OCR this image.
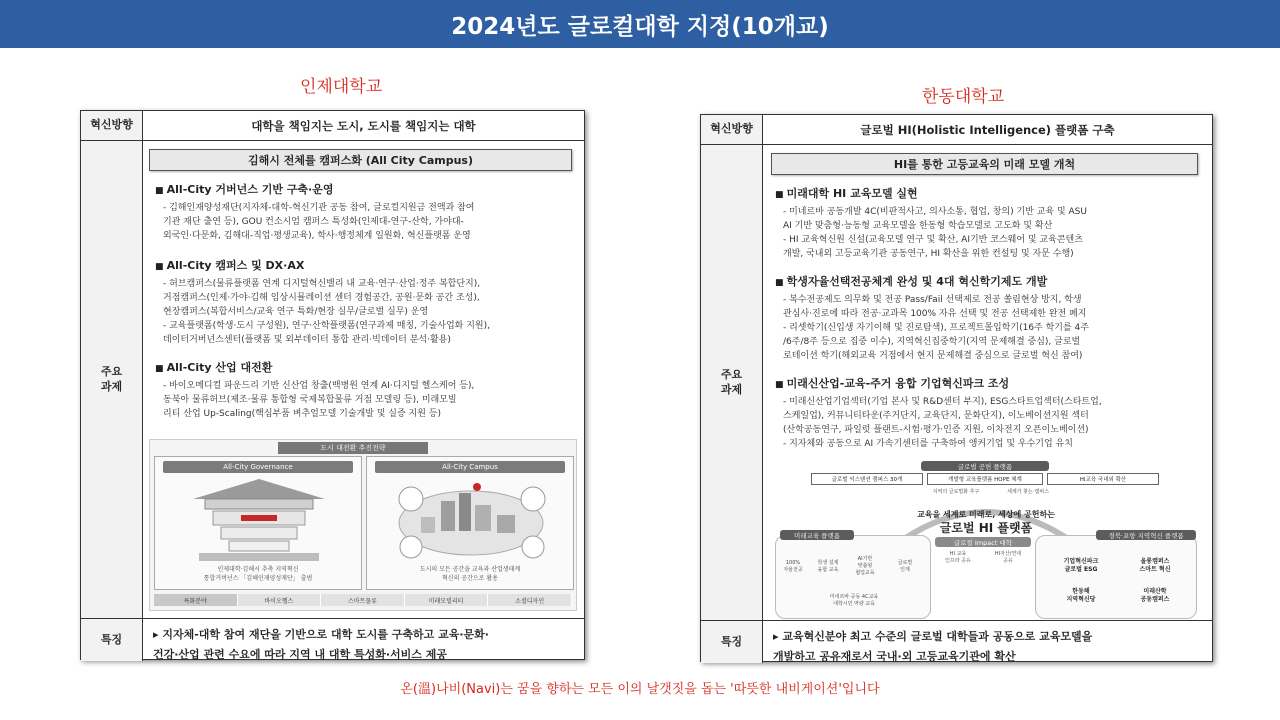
2024년도 글로컬대학 지정(10개교)
인제대학교	한동대학교
혁신방향	대학을 책임지는 도시, 도시를 책임지는 대학
주요
과제
김해시 전체를 캠퍼스화 (All City Campus)
■ All-City 거버넌스 기반 구축·운영
- 김해인재양성재단(지자체-대학-혁신기관 공동 참여, 글로컬지원금 전액과 참여
기관 재단 출연 등), GOU 컨소시엄 캠퍼스 특성화(인제대-연구-산학, 가야대-
외국인·다문화, 김해대-직업·평생교육), 학사·행정체계 일원화, 혁신플랫폼 운영
■ All-City 캠퍼스 및 DX·AX
- 허브캠퍼스(물류플랫폼 연계 디지털혁신밸리 내 교육·연구·산업·정주 복합단지),
거점캠퍼스(인제·가야·김해 임상시뮬레이션 센터 경험공간, 공원·문화 공간 조성),
현장캠퍼스(복합서비스/교육 연구 특화/현장 실무/글로벌 실무) 운영
- 교육플랫폼(학생·도시 구성원), 연구·산학플랫폼(연구과제 매칭, 기술사업화 지원),
데이터거버넌스센터(플랫폼 및 외부데이터 통합 관리·빅데이터 분석·활용)
■ All-City 산업 대전환
- 바이오메디컬 파운드리 기반 신산업 창출(백병원 연계 AI·디지털 헬스케어 등),
동북아 물류허브(제조·물류 통합형 국제복합물류 거점 모델링 등), 미래모빌
리티 산업 Up-Scaling(핵심부품 벼추얼모델 기술개발 및 실증 지원 등)
도시 대전환 추진전략
All-City Governance
인제대학·김해시 추축 지역혁신
통합거버넌스 「김해인재양성재단」 출범
All-City Campus
도시의 모든 공간을 교육과 산업생태계
혁신의 공간으로 활용
특화분야	바이오헬스	스마트물류	미래모빌리티	소셜디자인
특징	▸ 지자체-대학 참여 재단을 기반으로 대학 도시를 구축하고 교육·문화·
건강·산업 관련 수요에 따라 지역 내 대학 특성화·서비스 제공
혁신방향	글로벌 HI(Holistic Intelligence) 플랫폼 구축
주요
과제
HI를 통한 고등교육의 미래 모델 개척
■ 미래대학 HI 교육모델 실현
- 미네르바 공동개발 4C(비판적사고, 의사소통, 협업, 창의) 기반 교육 및 ASU
AI 기반 맞춤형·능동형 교육모델을 한동형 학습모델로 고도화 및 확산
- HI 교육혁신원 신설(교육모델 연구 및 확산, AI기반 코스웨어 및 교육콘텐츠
개발, 국내외 고등교육기관 공동연구, HI 확산을 위한 컨설팅 및 자문 수행)
■ 학생자율선택전공체계 완성 및 4대 혁신학기제도 개발
- 복수전공제도 의무화 및 전공 Pass/Fail 선택제로 전공 쏠림현상 방지, 학생
관심사·진로에 따라 전공·교과목 100% 자유 선택 및 전공 선택제한 완전 폐지
- 리셋학기(신입생 자기이해 및 진로탐색), 프로젝트몰입학기(16주 학기를 4주
/6주/8주 등으로 집중 이수), 지역혁신집중학기(지역 문제해결 중심), 글로벌
로테이션 학기(해외교육 거점에서 현지 문제해결 중심으로 글로벌 혁신 참여)
■ 미래신산업-교육-주거 융합 기업혁신파크 조성
- 미래신산업기업섹터(기업 본사 및 R&D센터 부지), ESG스타트업섹터(스타트업,
스케일업), 커뮤니티타운(주거단지, 교육단지, 문화단지), 이노베이션지원 섹터
(산학공동연구, 파일럿 플랜트-시험·평가·인증 지원, 이차전지 오픈이노베이션)
- 지자체와 공동으로 AI 가속기센터를 구축하여 앵커기업 및 우수기업 유치
글로벌 공헌 플랫폼
글로벌 익스텐션 캠퍼스 30개	개발형 교육플랫폼 HOPE 체계	HI교육 국내외 확산
지역의 글로벌화 추구	세계가 찾는 캠퍼스
교육을 세계로 미래로, 세상에 공헌하는
글로벌 HI 플랫폼
미래교육 플랫폼
100%
자율전공
학생 설계
융합 교육
AI기반
맞춤형
협업교육
글로벌
인재
미네르바·공동 4C교육
대학시민 역량 교육
글로컬 Impact 대학
HI 교육
인프라 공유
HI자산/연대
공유
경북·포항 지역혁신 플랫폼
기업혁신파크
글로벌 ESG
올롱캠퍼스
스마트 혁신
한동해
지역혁신당
미래산학
공동캠퍼스
특징	▸ 교육혁신분야 최고 수준의 글로벌 대학들과 공동으로 교육모델을
개발하고 공유재로서 국내·외 고등교육기관에 확산
온(溫)나비(Navi)는 꿈을 향하는 모든 이의 날갯짓을 돕는 '따뜻한 내비게이션'입니다
